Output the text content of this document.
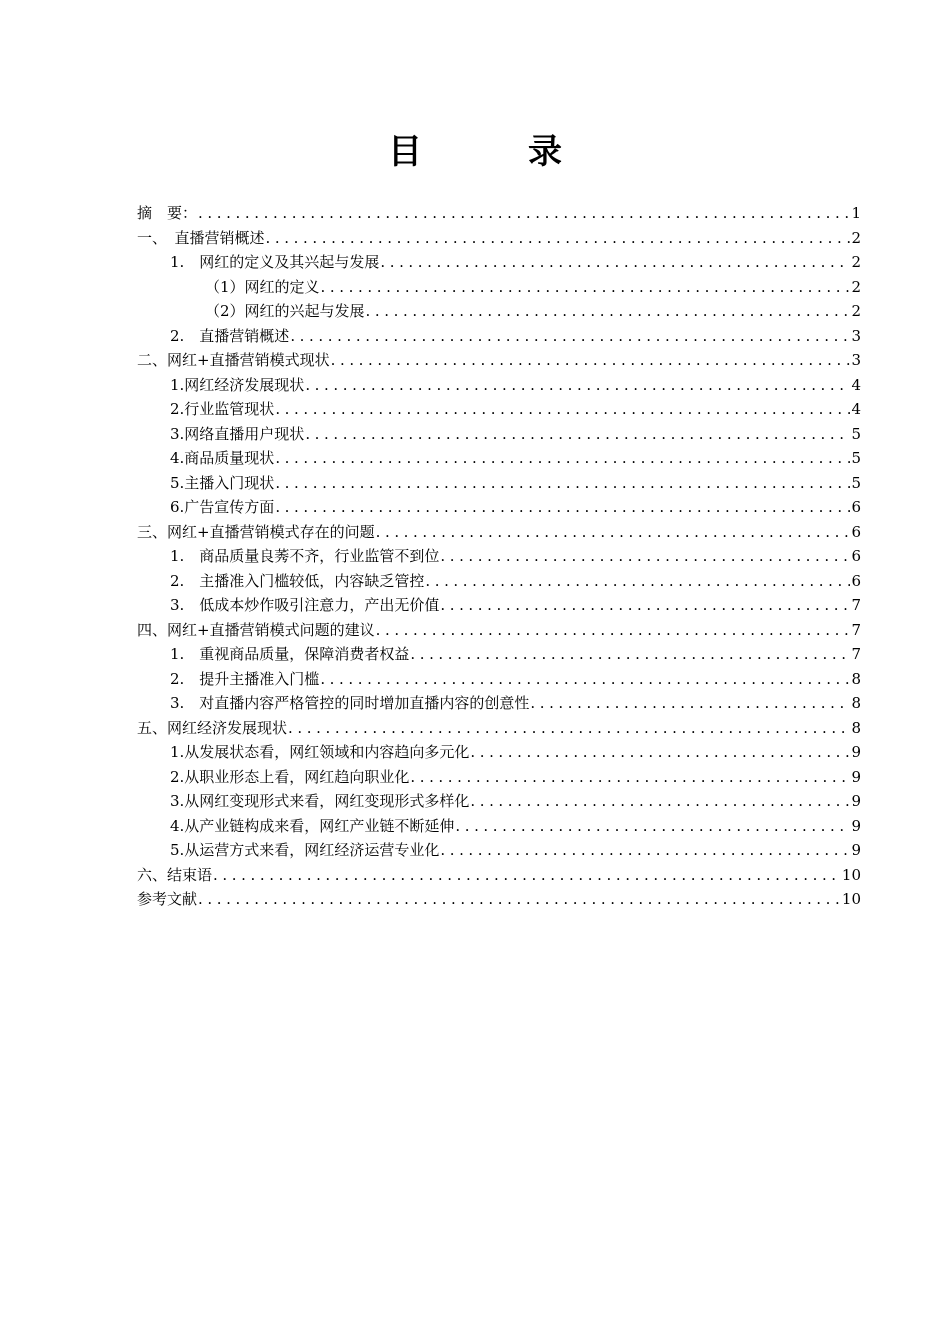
目　录
摘　要： .....	1
一、　直播营销概述 .....	2
1.　网红的定义及其兴起与发展 .....	2
（1）网红的定义 .....	2
（2）网红的兴起与发展 .....	2
2.　直播营销概述 .....	3
二、网红+直播营销模式现状 .....	3
1.网红经济发展现状 .....	4
2.行业监管现状 .....	4
3.网络直播用户现状 .....	5
4.商品质量现状 .....	5
5.主播入门现状 .....	5
6.广告宣传方面 .....	6
三、网红+直播营销模式存在的问题 .....	6
1.　商品质量良莠不齐，行业监管不到位 .....	6
2.　主播准入门槛较低，内容缺乏管控 .....	6
3.　低成本炒作吸引注意力，产出无价值 .....	7
四、网红+直播营销模式问题的建议 .....	7
1.　重视商品质量，保障消费者权益 .....	7
2.　提升主播准入门槛 .....	8
3.　对直播内容严格管控的同时增加直播内容的创意性 .....	8
五、网红经济发展现状 .....	8
1.从发展状态看，网红领域和内容趋向多元化 .....	9
2.从职业形态上看，网红趋向职业化 .....	9
3.从网红变现形式来看，网红变现形式多样化 .....	9
4.从产业链构成来看，网红产业链不断延伸 .....	9
5.从运营方式来看，网红经济运营专业化 .....	9
六、结束语 .....	10
参考文献 .....	10
